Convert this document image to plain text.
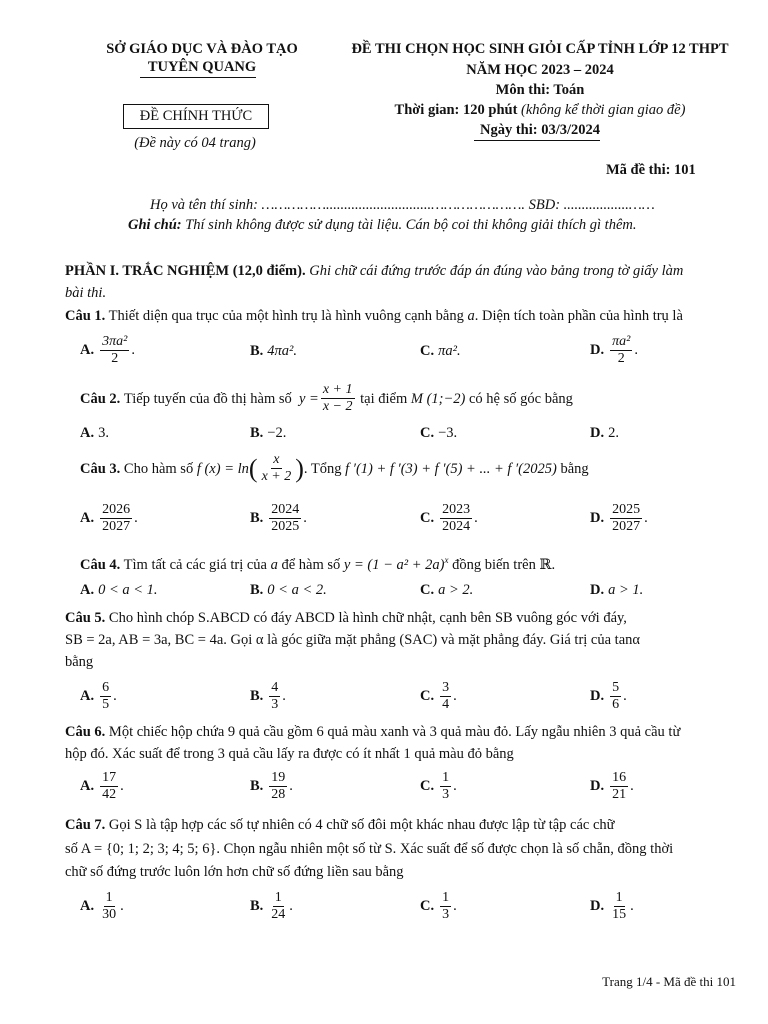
SỞ GIÁO DỤC VÀ ĐÀO TẠO
TUYÊN QUANG
ĐỀ CHÍNH THỨC
(Đề này có 04 trang)
ĐỀ THI CHỌN HỌC SINH GIỎI CẤP TỈNH LỚP 12 THPT
NĂM HỌC 2023 – 2024
Môn thi: Toán
Thời gian: 120 phút (không kể thời gian giao đề)
Ngày thi: 03/3/2024
Mã đề thi: 101
Họ và tên thí sinh: …………….............................…………………. SBD: ..................……
Ghi chú: Thí sinh không được sử dụng tài liệu. Cán bộ coi thi không giải thích gì thêm.
PHẦN I. TRẮC NGHIỆM (12,0 điểm). Ghi chữ cái đứng trước đáp án đúng vào bảng trong tờ giấy làm
bài thi.
Câu 1. Thiết diện qua trục của một hình trụ là hình vuông cạnh bằng a. Diện tích toàn phần của hình trụ là
A. $\frac{\text{3πa²}}{2}$ .	B. 4πa².	C. πa².	D. $\frac{\text{πa²}}{2}$ .
Câu 2.
Tiếp tuyến của đồ thị hàm số
$y = \frac{x + 1}{x - 2}$
tại điểm
M (1;−2)
có hệ số góc bằng
A. 3.	B. −2.	C. −3.	D. 2.
Câu 3.
Cho hàm số
f (x) = ln ( $\frac{x}{x + 2}$ ) . Tổng
f ′(1) + f ′(3) + f ′(5) + ... + f ′(2025)
bằng
A. $\frac{2026}{2027}$ .	B. $\frac{2024}{2025}$ .	C. $\frac{2023}{2024}$ .	D. $\frac{2025}{2027}$ .
Câu 4. Tìm tất cả các giá trị của a để hàm số $y = (1 - a^2 + 2a)^x$ đồng biến trên ℝ.
A. 0 < a < 1.	B. 0 < a < 2.	C. a > 2.	D. a > 1.
Câu 5. Cho hình chóp S.ABCD có đáy ABCD là hình chữ nhật, cạnh bên SB vuông góc với đáy,
SB = 2a, AB = 3a, BC = 4a. Gọi α là góc giữa mặt phẳng (SAC) và mặt phẳng đáy. Giá trị của tanα
bằng
A. $\frac{6}{5}$ .	B. $\frac{4}{3}$ .	C. $\frac{3}{4}$ .	D. $\frac{5}{6}$ .
Câu 6. Một chiếc hộp chứa 9 quả cầu gồm 6 quả màu xanh và 3 quả màu đỏ. Lấy ngẫu nhiên 3 quả cầu từ
hộp đó. Xác suất để trong 3 quả cầu lấy ra được có ít nhất 1 quả màu đỏ bằng
A. $\frac{17}{42}$ .	B. $\frac{19}{28}$ .	C. $\frac{1}{3}$ .	D. $\frac{16}{21}$ .
Câu 7. Gọi S là tập hợp các số tự nhiên có 4 chữ số đôi một khác nhau được lập từ tập các chữ
số A = {0; 1; 2; 3; 4; 5; 6}. Chọn ngẫu nhiên một số từ S. Xác suất để số được chọn là số chẵn, đồng thời
chữ số đứng trước luôn lớn hơn chữ số đứng liền sau bằng
A. $\frac{1}{30}$ .	B. $\frac{1}{24}$ .	C. $\frac{1}{3}$ .	D. $\frac{1}{15}$ .
Trang 1/4 - Mã đề thi 101
